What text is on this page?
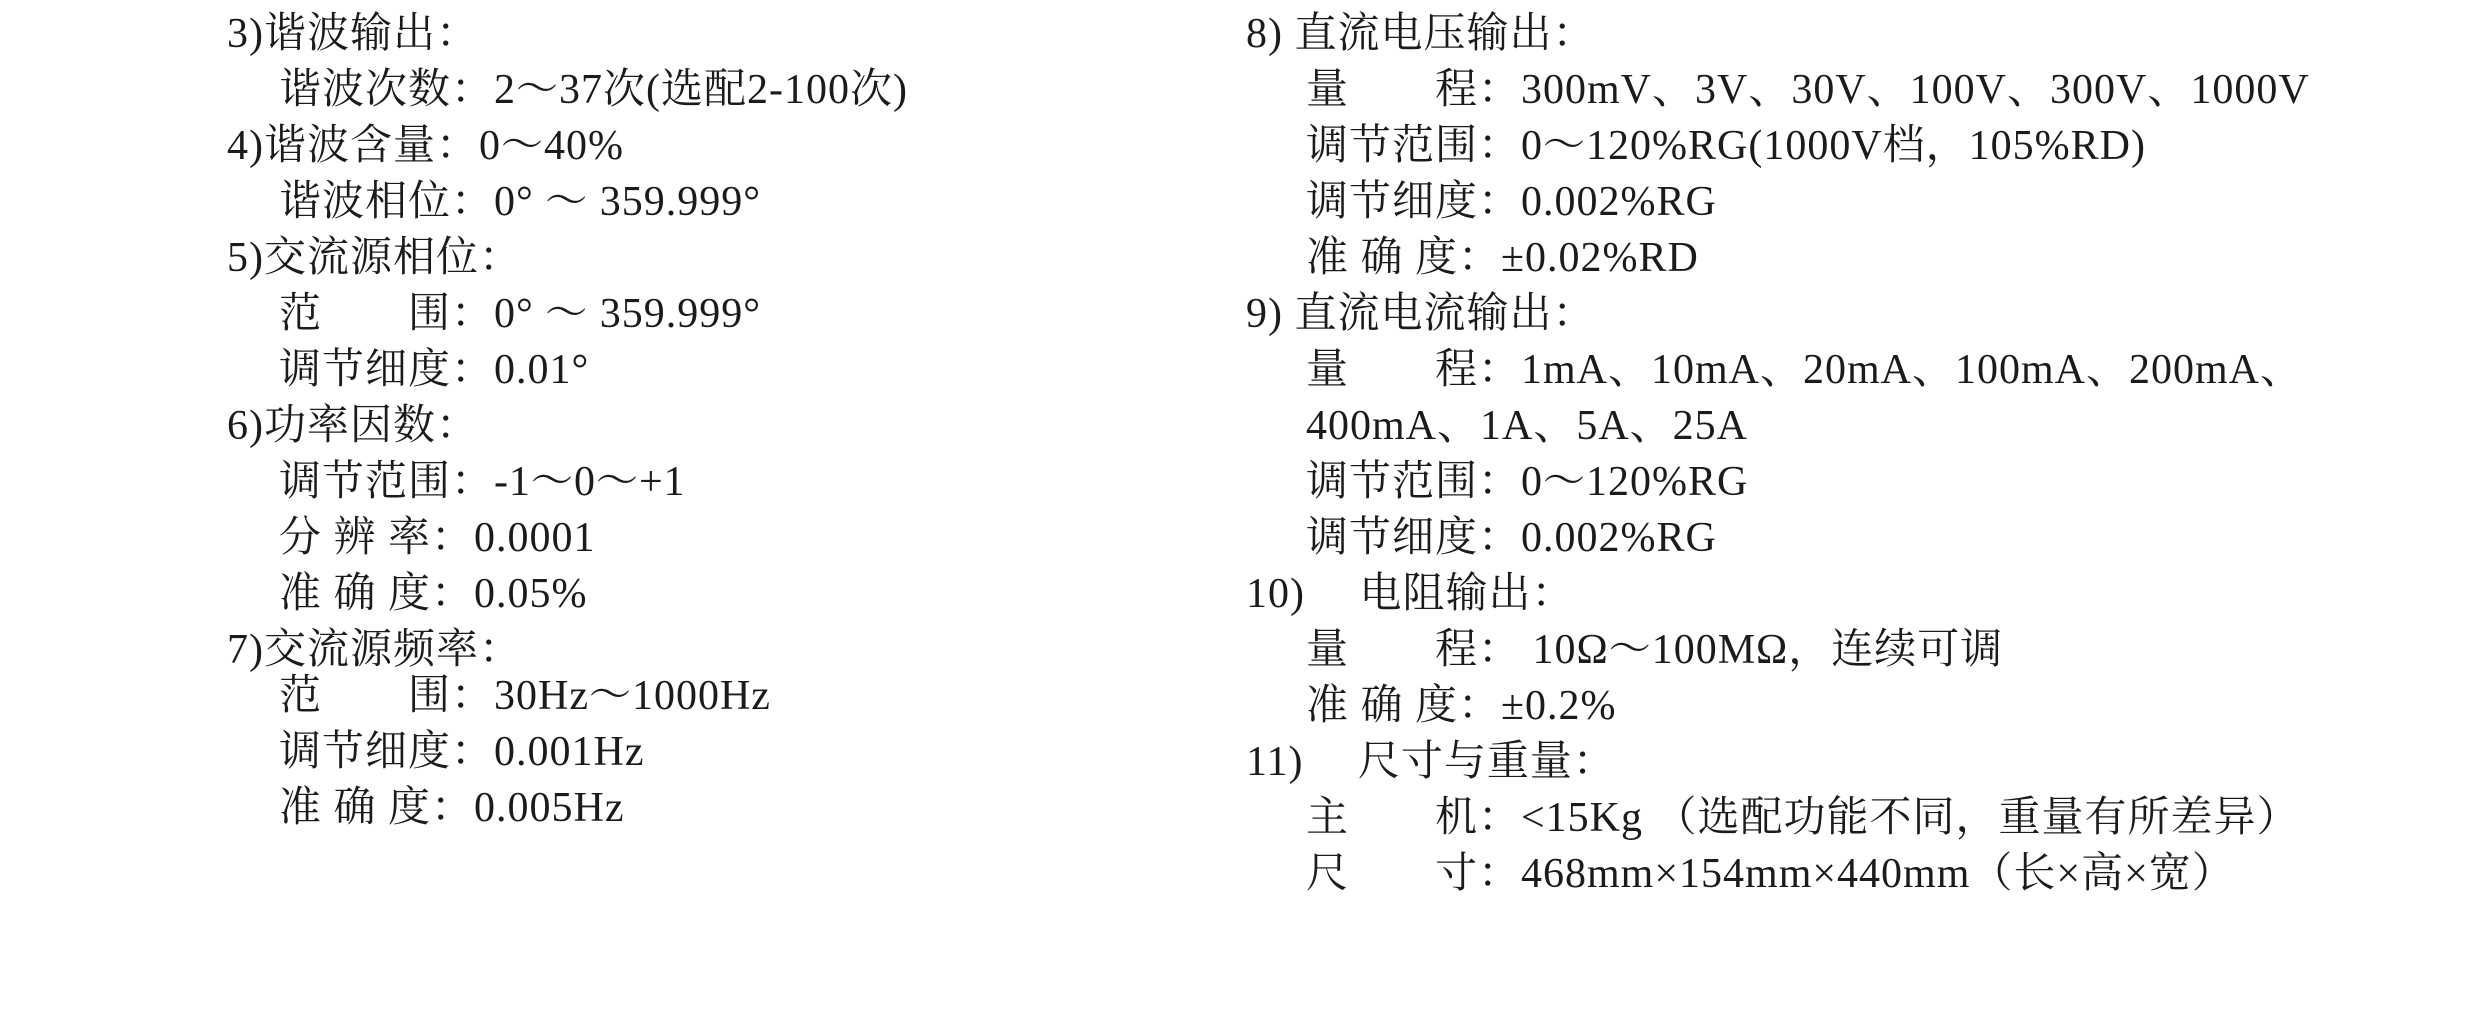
3)谐波输出：
谐波次数：2～37次(选配2-100次)
4)谐波含量：0～40%
谐波相位：0° ～ 359.999°
5)交流源相位：
范　　围：0° ～ 359.999°
调节细度：0.01°
6)功率因数：
调节范围：-1～0～+1
分 辨 率：0.0001
准 确 度：0.05%
7)交流源频率：
范　　围：30Hz～1000Hz
调节细度：0.001Hz
准 确 度：0.005Hz
8) 直流电压输出：
量　　程：300mV、3V、30V、100V、300V、1000V
调节范围：0～120%RG(1000V档，105%RD)
调节细度：0.002%RG
准 确 度：±0.02%RD
9) 直流电流输出：
量　　程：1mA、10mA、20mA、100mA、200mA、
400mA、1A、5A、25A
调节范围：0～120%RG
调节细度：0.002%RG
10)　 电阻输出：
量　　程： 10Ω～100MΩ，连续可调
准 确 度：±0.2%
11)　 尺寸与重量：
主　　机：<15Kg （选配功能不同，重量有所差异）
尺　　寸：468mm×154mm×440mm（长×高×宽）
